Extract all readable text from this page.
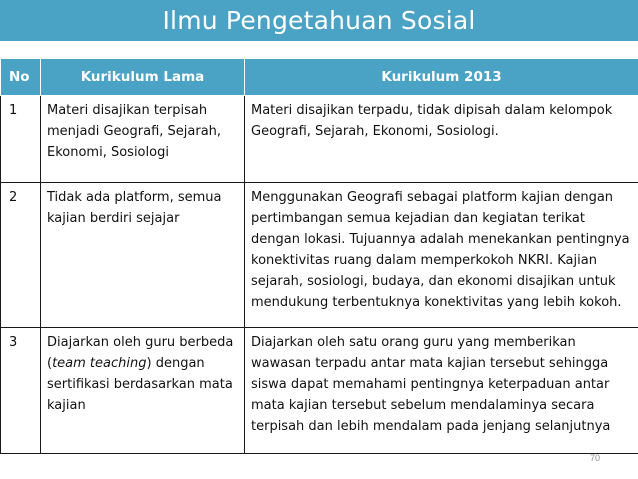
Ilmu Pengetahuan Sosial
No	Kurikulum Lama	Kurikulum 2013
1	Materi disajikan terpisah menjadi Geografi, Sejarah, Ekonomi, Sosiologi	Materi disajikan terpadu, tidak dipisah dalam kelompok Geografi, Sejarah, Ekonomi, Sosiologi.
2	Tidak ada platform, semua kajian berdiri sejajar	Menggunakan Geografi sebagai platform kajian dengan pertimbangan semua kejadian dan kegiatan terikat dengan lokasi. Tujuannya adalah menekankan pentingnya konektivitas ruang dalam memperkokoh NKRI. Kajian sejarah, sosiologi, budaya, dan ekonomi disajikan untuk mendukung terbentuknya konektivitas yang lebih kokoh.
3	Diajarkan oleh guru berbeda (team teaching) dengan sertifikasi berdasarkan mata kajian	Diajarkan oleh satu orang guru yang memberikan wawasan terpadu antar mata kajian tersebut sehingga siswa dapat memahami pentingnya keterpaduan antar mata kajian tersebut sebelum mendalaminya secara terpisah dan lebih mendalam pada jenjang selanjutnya
70
